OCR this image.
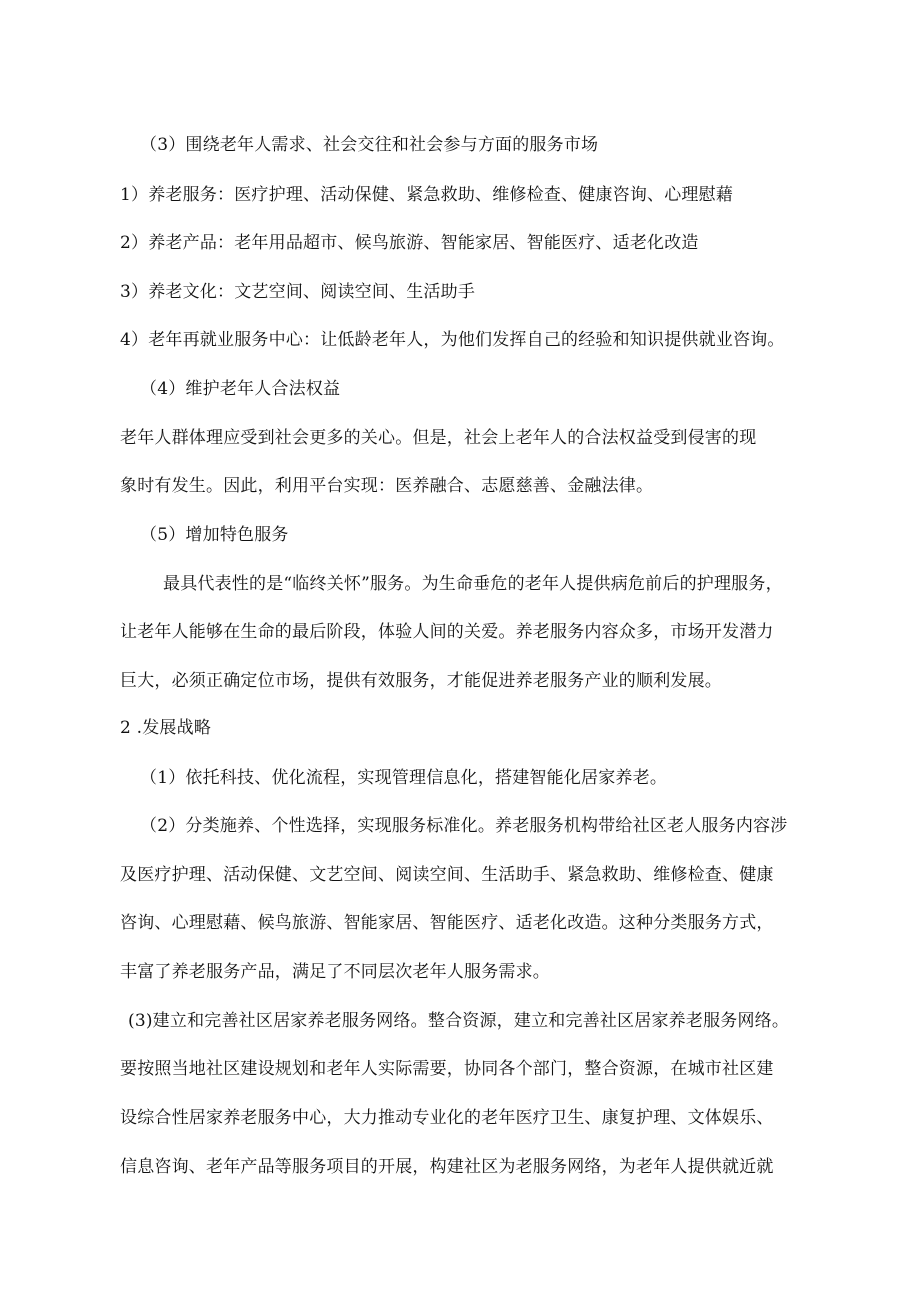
（3）围绕老年人需求、社会交往和社会参与方面的服务市场
1）养老服务：医疗护理、活动保健、紧急救助、维修检查、健康咨询、心理慰藉
2）养老产品：老年用品超市、候鸟旅游、智能家居、智能医疗、适老化改造
3）养老文化：文艺空间、阅读空间、生活助手
4）老年再就业服务中心：让低龄老年人，为他们发挥自己的经验和知识提供就业咨询。
（4）维护老年人合法权益
老年人群体理应受到社会更多的关心。但是，社会上老年人的合法权益受到侵害的现
象时有发生。因此，利用平台实现：医养融合、志愿慈善、金融法律。
（5）增加特色服务
最具代表性的是“临终关怀”服务。为生命垂危的老年人提供病危前后的护理服务，
让老年人能够在生命的最后阶段，体验人间的关爱。养老服务内容众多，市场开发潜力
巨大，必须正确定位市场，提供有效服务，才能促进养老服务产业的顺利发展。
2 .发展战略
（1）依托科技、优化流程，实现管理信息化，搭建智能化居家养老。
（2）分类施养、个性选择，实现服务标准化。养老服务机构带给社区老人服务内容涉
及医疗护理、活动保健、文艺空间、阅读空间、生活助手、紧急救助、维修检查、健康
咨询、心理慰藉、候鸟旅游、智能家居、智能医疗、适老化改造。这种分类服务方式，
丰富了养老服务产品，满足了不同层次老年人服务需求。
(3)建立和完善社区居家养老服务网络。整合资源，建立和完善社区居家养老服务网络。
要按照当地社区建设规划和老年人实际需要，协同各个部门，整合资源，在城市社区建
设综合性居家养老服务中心，大力推动专业化的老年医疗卫生、康复护理、文体娱乐、
信息咨询、老年产品等服务项目的开展，构建社区为老服务网络，为老年人提供就近就
